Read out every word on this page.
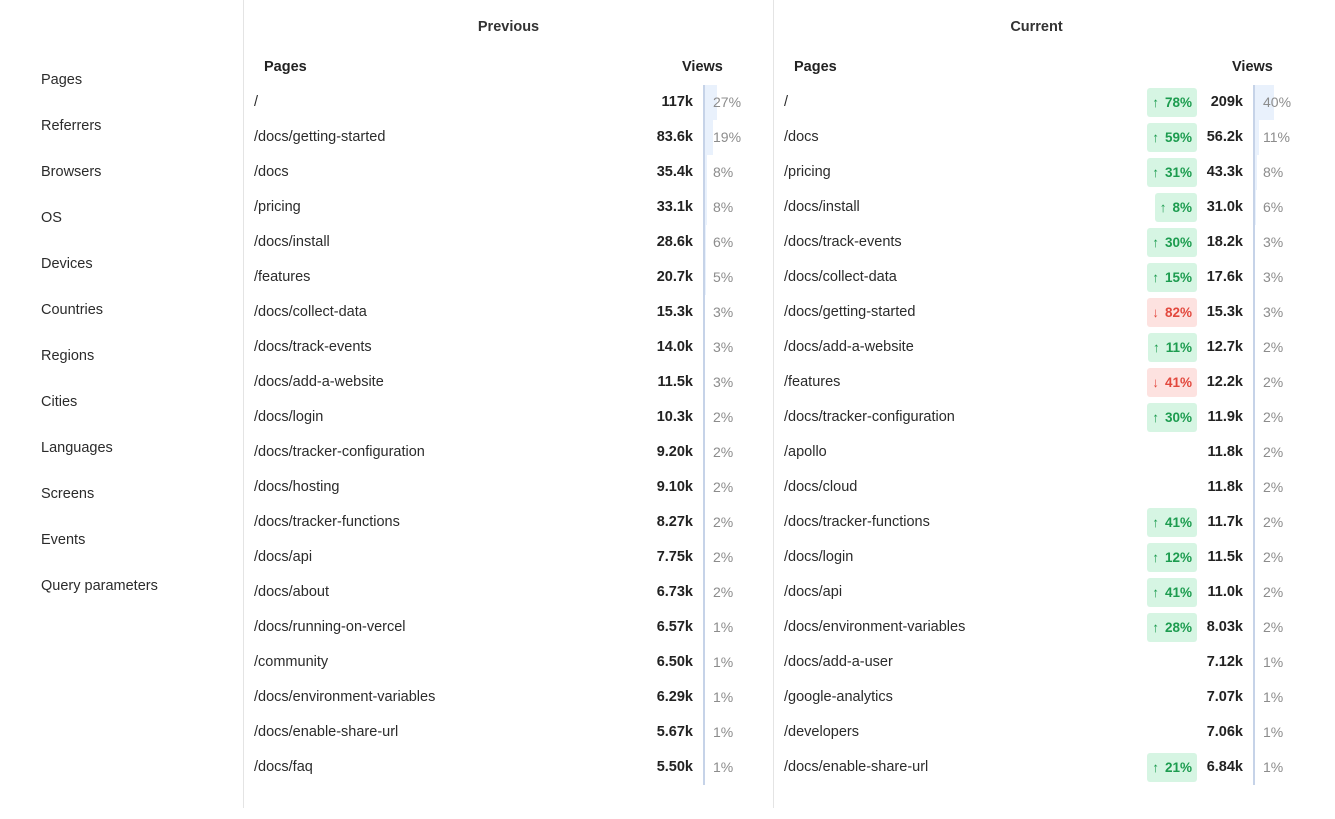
Pages
Referrers
Browsers
OS
Devices
Countries
Regions
Cities
Languages
Screens
Events
Query parameters
Previous
Pages	Views
/	117k 27%
/docs/getting-started	83.6k 19%
/docs	35.4k 8%
/pricing	33.1k 8%
/docs/install	28.6k 6%
/features	20.7k 5%
/docs/collect-data	15.3k 3%
/docs/track-events	14.0k 3%
/docs/add-a-website	11.5k 3%
/docs/login	10.3k 2%
/docs/tracker-configuration	9.20k 2%
/docs/hosting	9.10k 2%
/docs/tracker-functions	8.27k 2%
/docs/api	7.75k 2%
/docs/about	6.73k 2%
/docs/running-on-vercel	6.57k 1%
/community	6.50k 1%
/docs/environment-variables	6.29k 1%
/docs/enable-share-url	5.67k 1%
/docs/faq	5.50k 1%
Current
Pages	Views
/	↑ 78%	209k 40%
/docs	↑ 59%	56.2k 11%
/pricing	↑ 31%	43.3k 8%
/docs/install	↑ 8%	31.0k 6%
/docs/track-events	↑ 30%	18.2k 3%
/docs/collect-data	↑ 15%	17.6k 3%
/docs/getting-started	↓ 82%	15.3k 3%
/docs/add-a-website	↑ 11%	12.7k 2%
/features	↓ 41%	12.2k 2%
/docs/tracker-configuration	↑ 30%	11.9k 2%
/apollo	11.8k 2%
/docs/cloud	11.8k 2%
/docs/tracker-functions	↑ 41%	11.7k 2%
/docs/login	↑ 12%	11.5k 2%
/docs/api	↑ 41%	11.0k 2%
/docs/environment-variables	↑ 28%	8.03k 2%
/docs/add-a-user	7.12k 1%
/google-analytics	7.07k 1%
/developers	7.06k 1%
/docs/enable-share-url	↑ 21%	6.84k 1%
